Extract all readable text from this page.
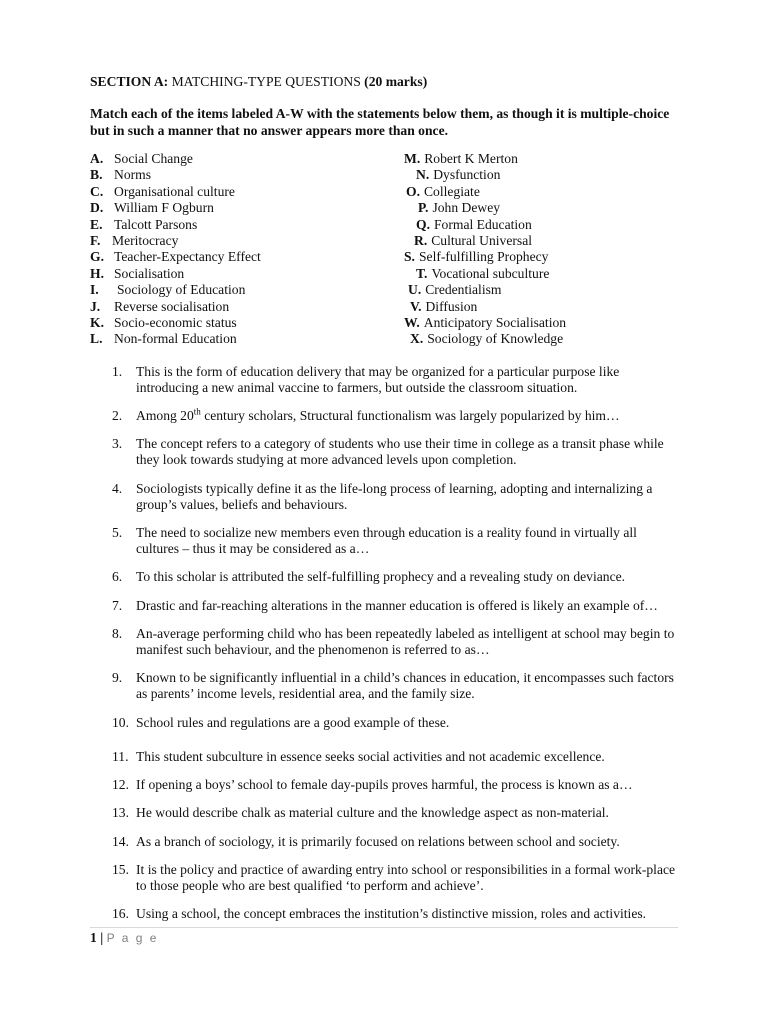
SECTION A: MATCHING-TYPE QUESTIONS (20 marks)
Match each of the items labeled A-W with the statements below them, as though it is multiple-choice but in such a manner that no answer appears more than once.
A. Social Change	M. Robert K Merton
B. Norms	N. Dysfunction
C. Organisational culture	O. Collegiate
D. William F Ogburn	P. John Dewey
E. Talcott Parsons	Q. Formal Education
F. Meritocracy	R. Cultural Universal
G. Teacher-Expectancy Effect	S. Self-fulfilling Prophecy
H. Socialisation	T. Vocational subculture
I.	Sociology of Education	U. Credentialism
J.	Reverse socialisation	V. Diffusion
K. Socio-economic status	W. Anticipatory Socialisation
L. Non-formal Education	X. Sociology of Knowledge
1.	This is the form of education delivery that may be organized for a particular purpose like introducing a new animal vaccine to farmers, but outside the classroom situation.
2.	Among 20th century scholars, Structural functionalism was largely popularized by him…
3.	The concept refers to a category of students who use their time in college as a transit phase while they look towards studying at more advanced levels upon completion.
4.	Sociologists typically define it as the life-long process of learning, adopting and internalizing a group’s values, beliefs and behaviours.
5.	The need to socialize new members even through education is a reality found in virtually all cultures – thus it may be considered as a…
6.	To this scholar is attributed the self-fulfilling prophecy and a revealing study on deviance.
7.	Drastic and far-reaching alterations in the manner education is offered is likely an example of…
8.	An-average performing child who has been repeatedly labeled as intelligent at school may begin to manifest such behaviour, and the phenomenon is referred to as…
9.	Known to be significantly influential in a child’s chances in education, it encompasses such factors as parents’ income levels, residential area, and the family size.
10. School rules and regulations are a good example of these.
11. This student subculture in essence seeks social activities and not academic excellence.
12. If opening a boys’ school to female day-pupils proves harmful, the process is known as a…
13. He would describe chalk as material culture and the knowledge aspect as non-material.
14. As a branch of sociology, it is primarily focused on relations between school and society.
15. It is the policy and practice of awarding entry into school or responsibilities in a formal work-place to those people who are best qualified ‘to perform and achieve’.
16. Using a school, the concept embraces the institution’s distinctive mission, roles and activities.
1 | P a g e
